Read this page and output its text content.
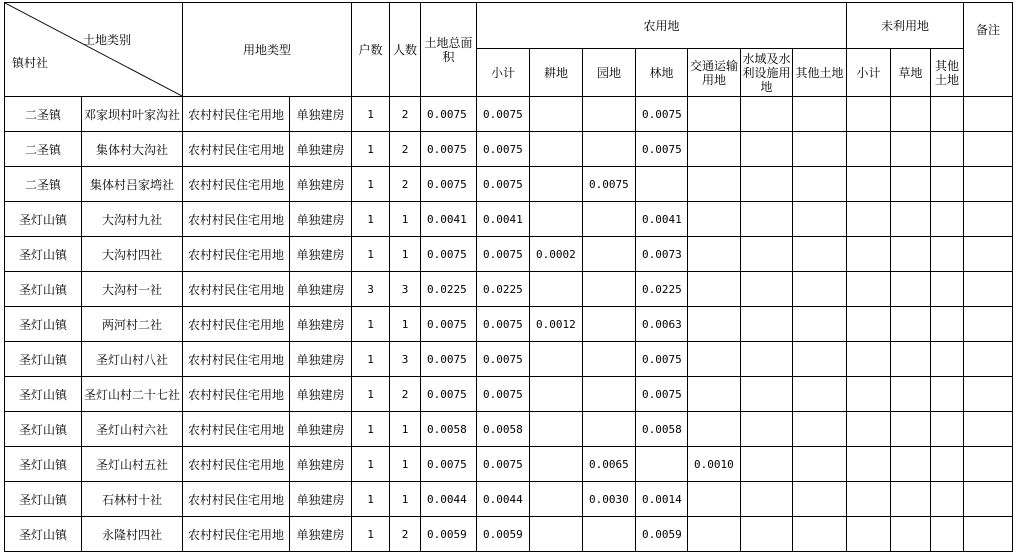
土地类别
镇村社		用地类型		户数	人数	土地总面积	农用地							未利用地			备注
							小计	耕地	园地	林地	交通运输用地	水域及水利设施用地	其他土地	小计	草地	其他土地	
二圣镇	邓家坝村叶家沟社	农村村民住宅用地	单独建房	1	2	0.0075	0.0075			0.0075							
二圣镇	集体村大沟社	农村村民住宅用地	单独建房	1	2	0.0075	0.0075			0.0075							
二圣镇	集体村吕家塆社	农村村民住宅用地	单独建房	1	2	0.0075	0.0075		0.0075								
圣灯山镇	大沟村九社	农村村民住宅用地	单独建房	1	1	0.0041	0.0041			0.0041							
圣灯山镇	大沟村四社	农村村民住宅用地	单独建房	1	1	0.0075	0.0075	0.0002		0.0073							
圣灯山镇	大沟村一社	农村村民住宅用地	单独建房	3	3	0.0225	0.0225			0.0225							
圣灯山镇	两河村二社	农村村民住宅用地	单独建房	1	1	0.0075	0.0075	0.0012		0.0063							
圣灯山镇	圣灯山村八社	农村村民住宅用地	单独建房	1	3	0.0075	0.0075			0.0075							
圣灯山镇	圣灯山村二十七社	农村村民住宅用地	单独建房	1	2	0.0075	0.0075			0.0075							
圣灯山镇	圣灯山村六社	农村村民住宅用地	单独建房	1	1	0.0058	0.0058			0.0058							
圣灯山镇	圣灯山村五社	农村村民住宅用地	单独建房	1	1	0.0075	0.0075		0.0065		0.0010						
圣灯山镇	石林村十社	农村村民住宅用地	单独建房	1	1	0.0044	0.0044		0.0030	0.0014							
圣灯山镇	永隆村四社	农村村民住宅用地	单独建房	1	2	0.0059	0.0059			0.0059							
